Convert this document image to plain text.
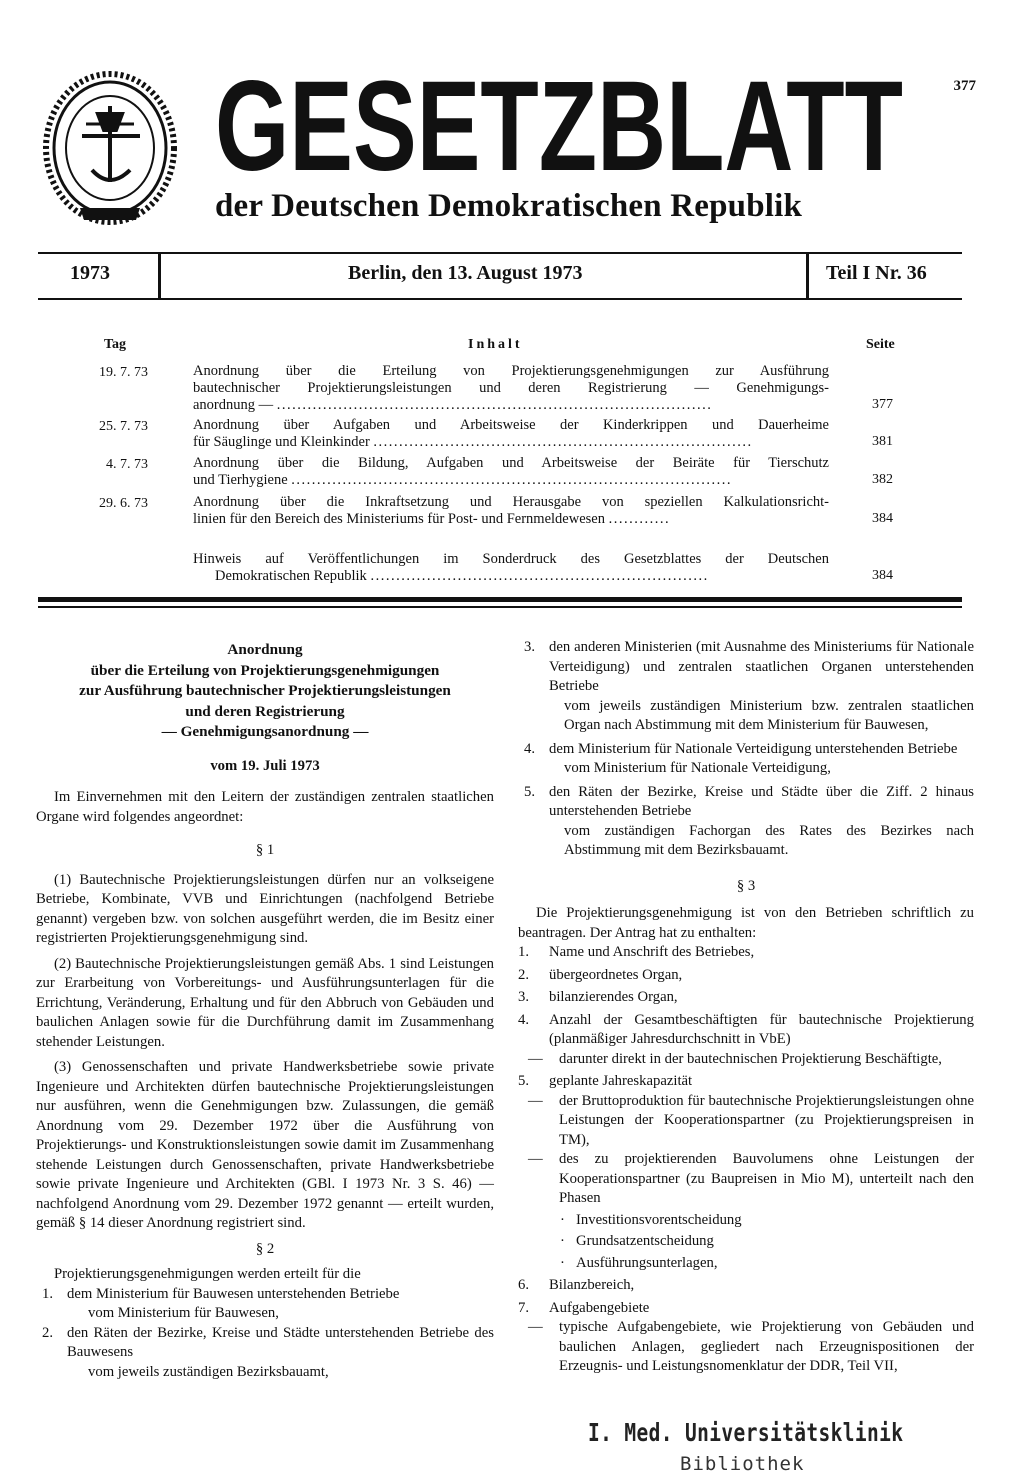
GESETZBLATT
der Deutschen Demokratischen Republik
377
1973	Berlin, den 13. August 1973	Teil I Nr. 36
Tag	Inhalt	Seite
19. 7. 73	Anordnung über die Erteilung von Projektierungsgenehmigungen zur Ausführung
bautechnischer Projektierungsleistungen und deren Registrierung — Genehmigungs-
anordnung — .....................................................................................	377
25. 7. 73	Anordnung über Aufgaben und Arbeitsweise der Kinderkrippen und Dauerheime
für Säuglinge und Kleinkinder ..........................................................................	381
4. 7. 73	Anordnung über die Bildung, Aufgaben und Arbeitsweise der Beiräte für Tierschutz
und Tierhygiene ......................................................................................	382
29. 6. 73	Anordnung über die Inkraftsetzung und Herausgabe von speziellen Kalkulationsricht-
linien für den Bereich des Ministeriums für Post- und Fernmeldewesen ............	384
Hinweis auf Veröffentlichungen im Sonderdruck des Gesetzblattes der Deutschen
Demokratischen Republik ..................................................................	384
Anordnung
über die Erteilung von Projektierungsgenehmigungen
zur Ausführung bautechnischer Projektierungsleistungen
und deren Registrierung
— Genehmigungsanordnung —
vom 19. Juli 1973

Im Einvernehmen mit den Leitern der zuständigen zentralen staatlichen Organe wird folgendes angeordnet:

§ 1

(1) Bautechnische Projektierungsleistungen dürfen nur an volkseigene Betriebe, Kombinate, VVB und Einrichtungen (nachfolgend Betriebe genannt) vergeben bzw. von solchen ausgeführt werden, die im Besitz einer registrierten Projektierungsgenehmigung sind.

(2) Bautechnische Projektierungsleistungen gemäß Abs. 1 sind Leistungen zur Erarbeitung von Vorbereitungs- und Ausführungsunterlagen für die Errichtung, Veränderung, Erhaltung und für den Abbruch von Gebäuden und baulichen Anlagen sowie für die Durchführung damit im Zusammenhang stehender Leistungen.

(3) Genossenschaften und private Handwerksbetriebe sowie private Ingenieure und Architekten dürfen bautechnische Projektierungsleistungen nur ausführen, wenn die Genehmigungen bzw. Zulassungen, die gemäß Anordnung vom 29. Dezember 1972 über die Ausführung von Projektierungs- und Konstruktionsleistungen sowie damit im Zusammenhang stehende Leistungen durch Genossenschaften, private Handwerksbetriebe sowie private Ingenieure und Architekten (GBl. I 1973 Nr. 3 S. 46) — nachfolgend Anordnung vom 29. Dezember 1972 genannt — erteilt wurden, gemäß § 14 dieser Anordnung registriert sind.

§ 2

Projektierungsgenehmigungen werden erteilt für die

1. dem Ministerium für Bauwesen unterstehenden Betriebe
vom Ministerium für Bauwesen,
2. den Räten der Bezirke, Kreise und Städte unterstehenden Betriebe des Bauwesens
vom jeweils zuständigen Bezirksbauamt,
3. den anderen Ministerien (mit Ausnahme des Ministeriums für Nationale Verteidigung) und zentralen staatlichen Organen unterstehenden Betriebe
vom jeweils zuständigen Ministerium bzw. zentralen staatlichen Organ nach Abstimmung mit dem Ministerium für Bauwesen,
4. dem Ministerium für Nationale Verteidigung unterstehenden Betriebe
vom Ministerium für Nationale Verteidigung,
5. den Räten der Bezirke, Kreise und Städte über die Ziff. 2 hinaus unterstehenden Betriebe
vom zuständigen Fachorgan des Rates des Bezirkes nach Abstimmung mit dem Bezirksbauamt.

§ 3

Die Projektierungsgenehmigung ist von den Betrieben schriftlich zu beantragen. Der Antrag hat zu enthalten:

1. Name und Anschrift des Betriebes,
2. übergeordnetes Organ,
3. bilanzierendes Organ,
4. Anzahl der Gesamtbeschäftigten für bautechnische Projektierung (planmäßiger Jahresdurchschnitt in VbE)
— darunter direkt in der bautechnischen Projektierung Beschäftigte,
5. geplante Jahreskapazität
— der Bruttoproduktion für bautechnische Projektierungsleistungen ohne Leistungen der Kooperationspartner (zu Projektierungspreisen in TM),
— des zu projektierenden Bauvolumens ohne Leistungen der Kooperationspartner (zu Baupreisen in Mio M), unterteilt nach den Phasen
· Investitionsvorentscheidung
· Grundsatzentscheidung
· Ausführungsunterlagen,
6. Bilanzbereich,
7. Aufgabengebiete
— typische Aufgabengebiete, wie Projektierung von Gebäuden und baulichen Anlagen, gegliedert nach Erzeugnispositionen der Erzeugnis- und Leistungsnomenklatur der DDR, Teil VII,
I. Med. Universitätsklinik
Bibliothek
